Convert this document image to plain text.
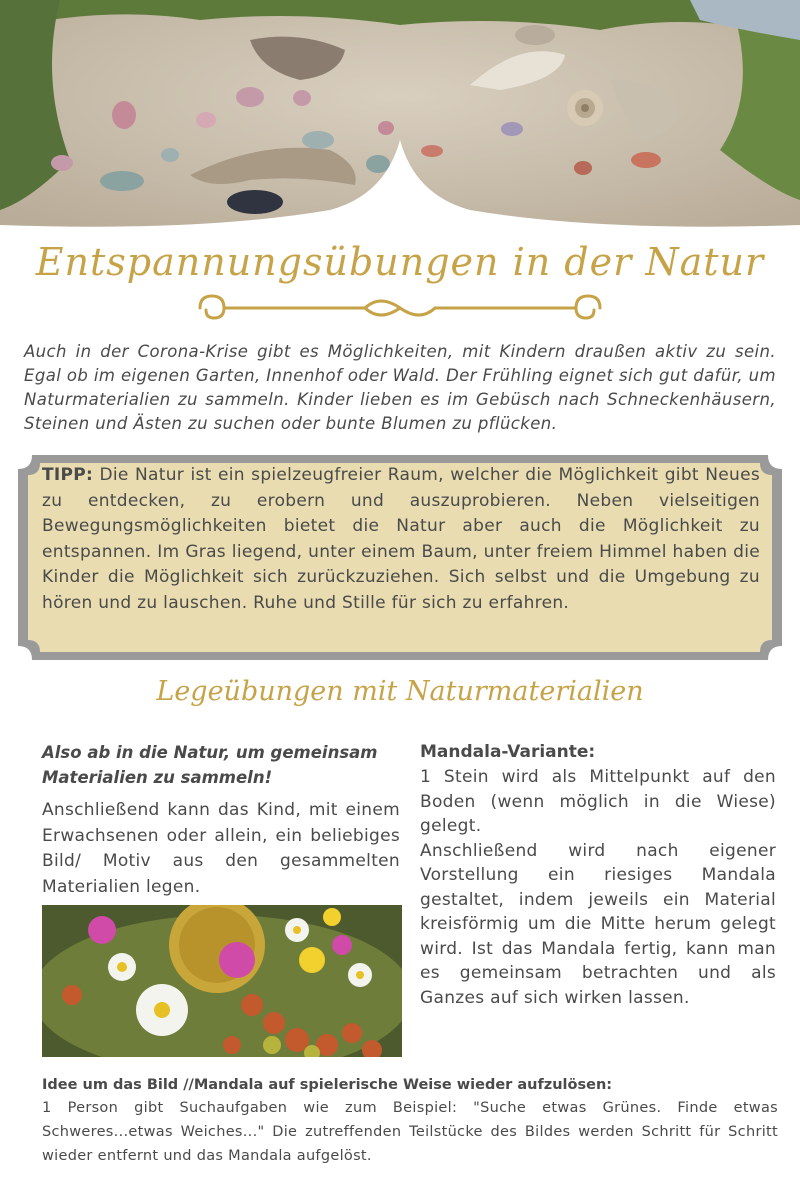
Entspannungsübungen in der Natur
Auch in der Corona-Krise gibt es Möglichkeiten, mit Kindern draußen aktiv zu sein. Egal ob im eigenen Garten, Innenhof oder Wald. Der Frühling eignet sich gut dafür, um Naturmaterialien zu sammeln. Kinder lieben es im Gebüsch nach Schneckenhäusern, Steinen und Ästen zu suchen oder bunte Blumen zu pflücken.
TIPP: Die Natur ist ein spielzeugfreier Raum, welcher die Möglichkeit gibt Neues zu entdecken, zu erobern und auszuprobieren. Neben vielseitigen Bewegungsmöglichkeiten bietet die Natur aber auch die Möglichkeit zu entspannen. Im Gras liegend, unter einem Baum, unter freiem Himmel haben die Kinder die Möglichkeit sich zurückzuziehen. Sich selbst und die Umgebung zu hören und zu lauschen. Ruhe und Stille für sich zu erfahren.
Legeübungen mit Naturmaterialien
Also ab in die Natur, um gemeinsam Materialien zu sammeln!
Anschließend kann das Kind, mit einem Erwachsenen oder allein, ein beliebiges Bild/ Motiv aus den gesammelten Materialien legen.
Mandala-Variante:
1 Stein wird als Mittelpunkt auf den Boden (wenn möglich in die Wiese) gelegt.
Anschließend wird nach eigener Vorstellung ein riesiges Mandala gestaltet, indem jeweils ein Material kreisförmig um die Mitte herum gelegt wird. Ist das Mandala fertig, kann man es gemeinsam betrachten und als Ganzes auf sich wirken lassen.
Idee um das Bild //Mandala auf spielerische Weise wieder aufzulösen:
1 Person gibt Suchaufgaben wie zum Beispiel: "Suche etwas Grünes. Finde etwas Schweres...etwas Weiches..." Die zutreffenden Teilstücke des Bildes werden Schritt für Schritt wieder entfernt und das Mandala aufgelöst.
